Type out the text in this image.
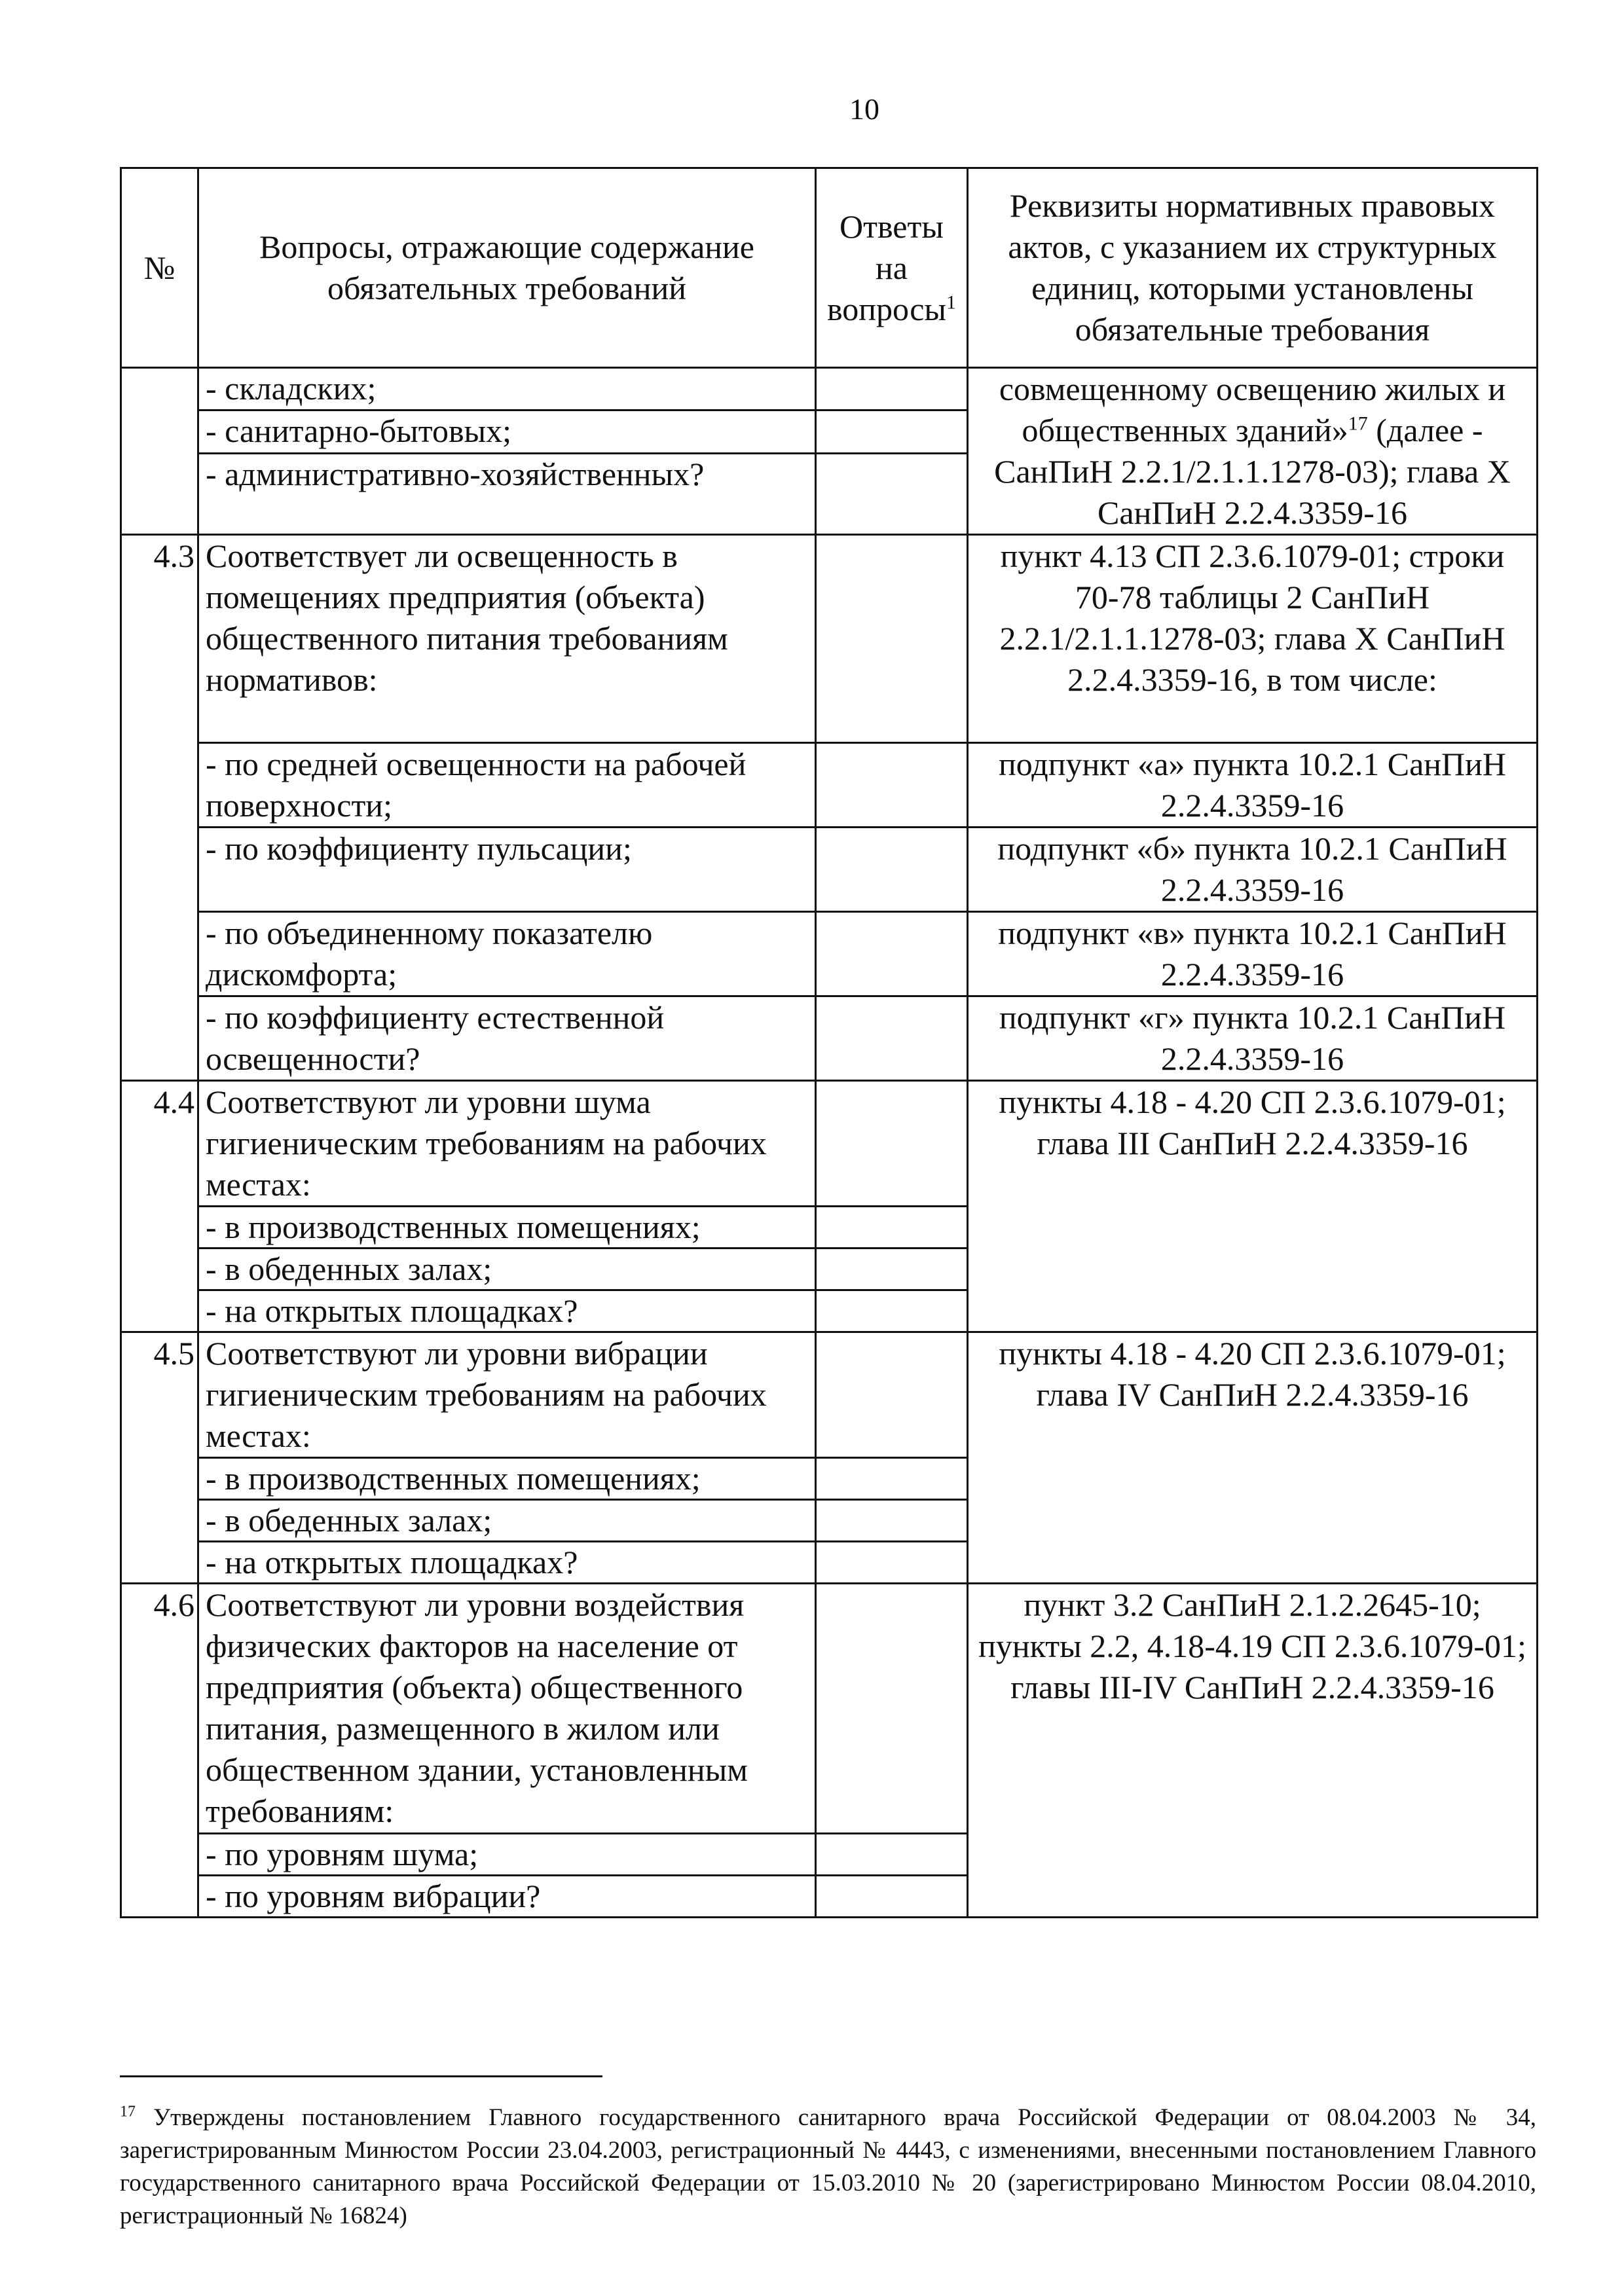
10
№	Вопросы, отражающие содержание обязательных требований	Ответы на вопросы$^1$	Реквизиты нормативных правовых актов, с указанием их структурных единиц, которыми установлены обязательные требования
	- складских;		совмещенному освещению жилых и общественных зданий»$^{17}$ (далее - СанПиН 2.2.1/2.1.1.1278-03); глава X СанПиН 2.2.4.3359-16
	- санитарно-бытовых;		
	- административно-хозяйственных?		
4.3	Соответствует ли освещенность в помещениях предприятия (объекта) общественного питания требованиям нормативов:		пункт 4.13 СП 2.3.6.1079-01; строки 70-78 таблицы 2 СанПиН 2.2.1/2.1.1.1278-03; глава X СанПиН 2.2.4.3359-16, в том числе:
	- по средней освещенности на рабочей поверхности;		подпункт «а» пункта 10.2.1 СанПиН 2.2.4.3359-16
	- по коэффициенту пульсации;		подпункт «б» пункта 10.2.1 СанПиН 2.2.4.3359-16
	- по объединенному показателю дискомфорта;		подпункт «в» пункта 10.2.1 СанПиН 2.2.4.3359-16
	- по коэффициенту естественной освещенности?		подпункт «г» пункта 10.2.1 СанПиН 2.2.4.3359-16
4.4	Соответствуют ли уровни шума гигиеническим требованиям на рабочих местах:		пункты 4.18 - 4.20 СП 2.3.6.1079-01; глава III СанПиН 2.2.4.3359-16
	- в производственных помещениях;		
	- в обеденных залах;		
	- на открытых площадках?		
4.5	Соответствуют ли уровни вибрации гигиеническим требованиям на рабочих местах:		пункты 4.18 - 4.20 СП 2.3.6.1079-01; глава IV СанПиН 2.2.4.3359-16
	- в производственных помещениях;		
	- в обеденных залах;		
	- на открытых площадках?		
4.6	Соответствуют ли уровни воздействия физических факторов на население от предприятия (объекта) общественного питания, размещенного в жилом или общественном здании, установленным требованиям:		пункт 3.2 СанПиН 2.1.2.2645-10; пункты 2.2, 4.18-4.19 СП 2.3.6.1079-01; главы III-IV СанПиН 2.2.4.3359-16
	- по уровням шума;		
	- по уровням вибрации?		
$^{17}$ Утверждены постановлением Главного государственного санитарного врача Российской Федерации от 08.04.2003 № 34, зарегистрированным Минюстом России 23.04.2003, регистрационный № 4443, с изменениями, внесенными постановлением Главного государственного санитарного врача Российской Федерации от 15.03.2010 № 20 (зарегистрировано Минюстом России 08.04.2010, регистрационный № 16824)
